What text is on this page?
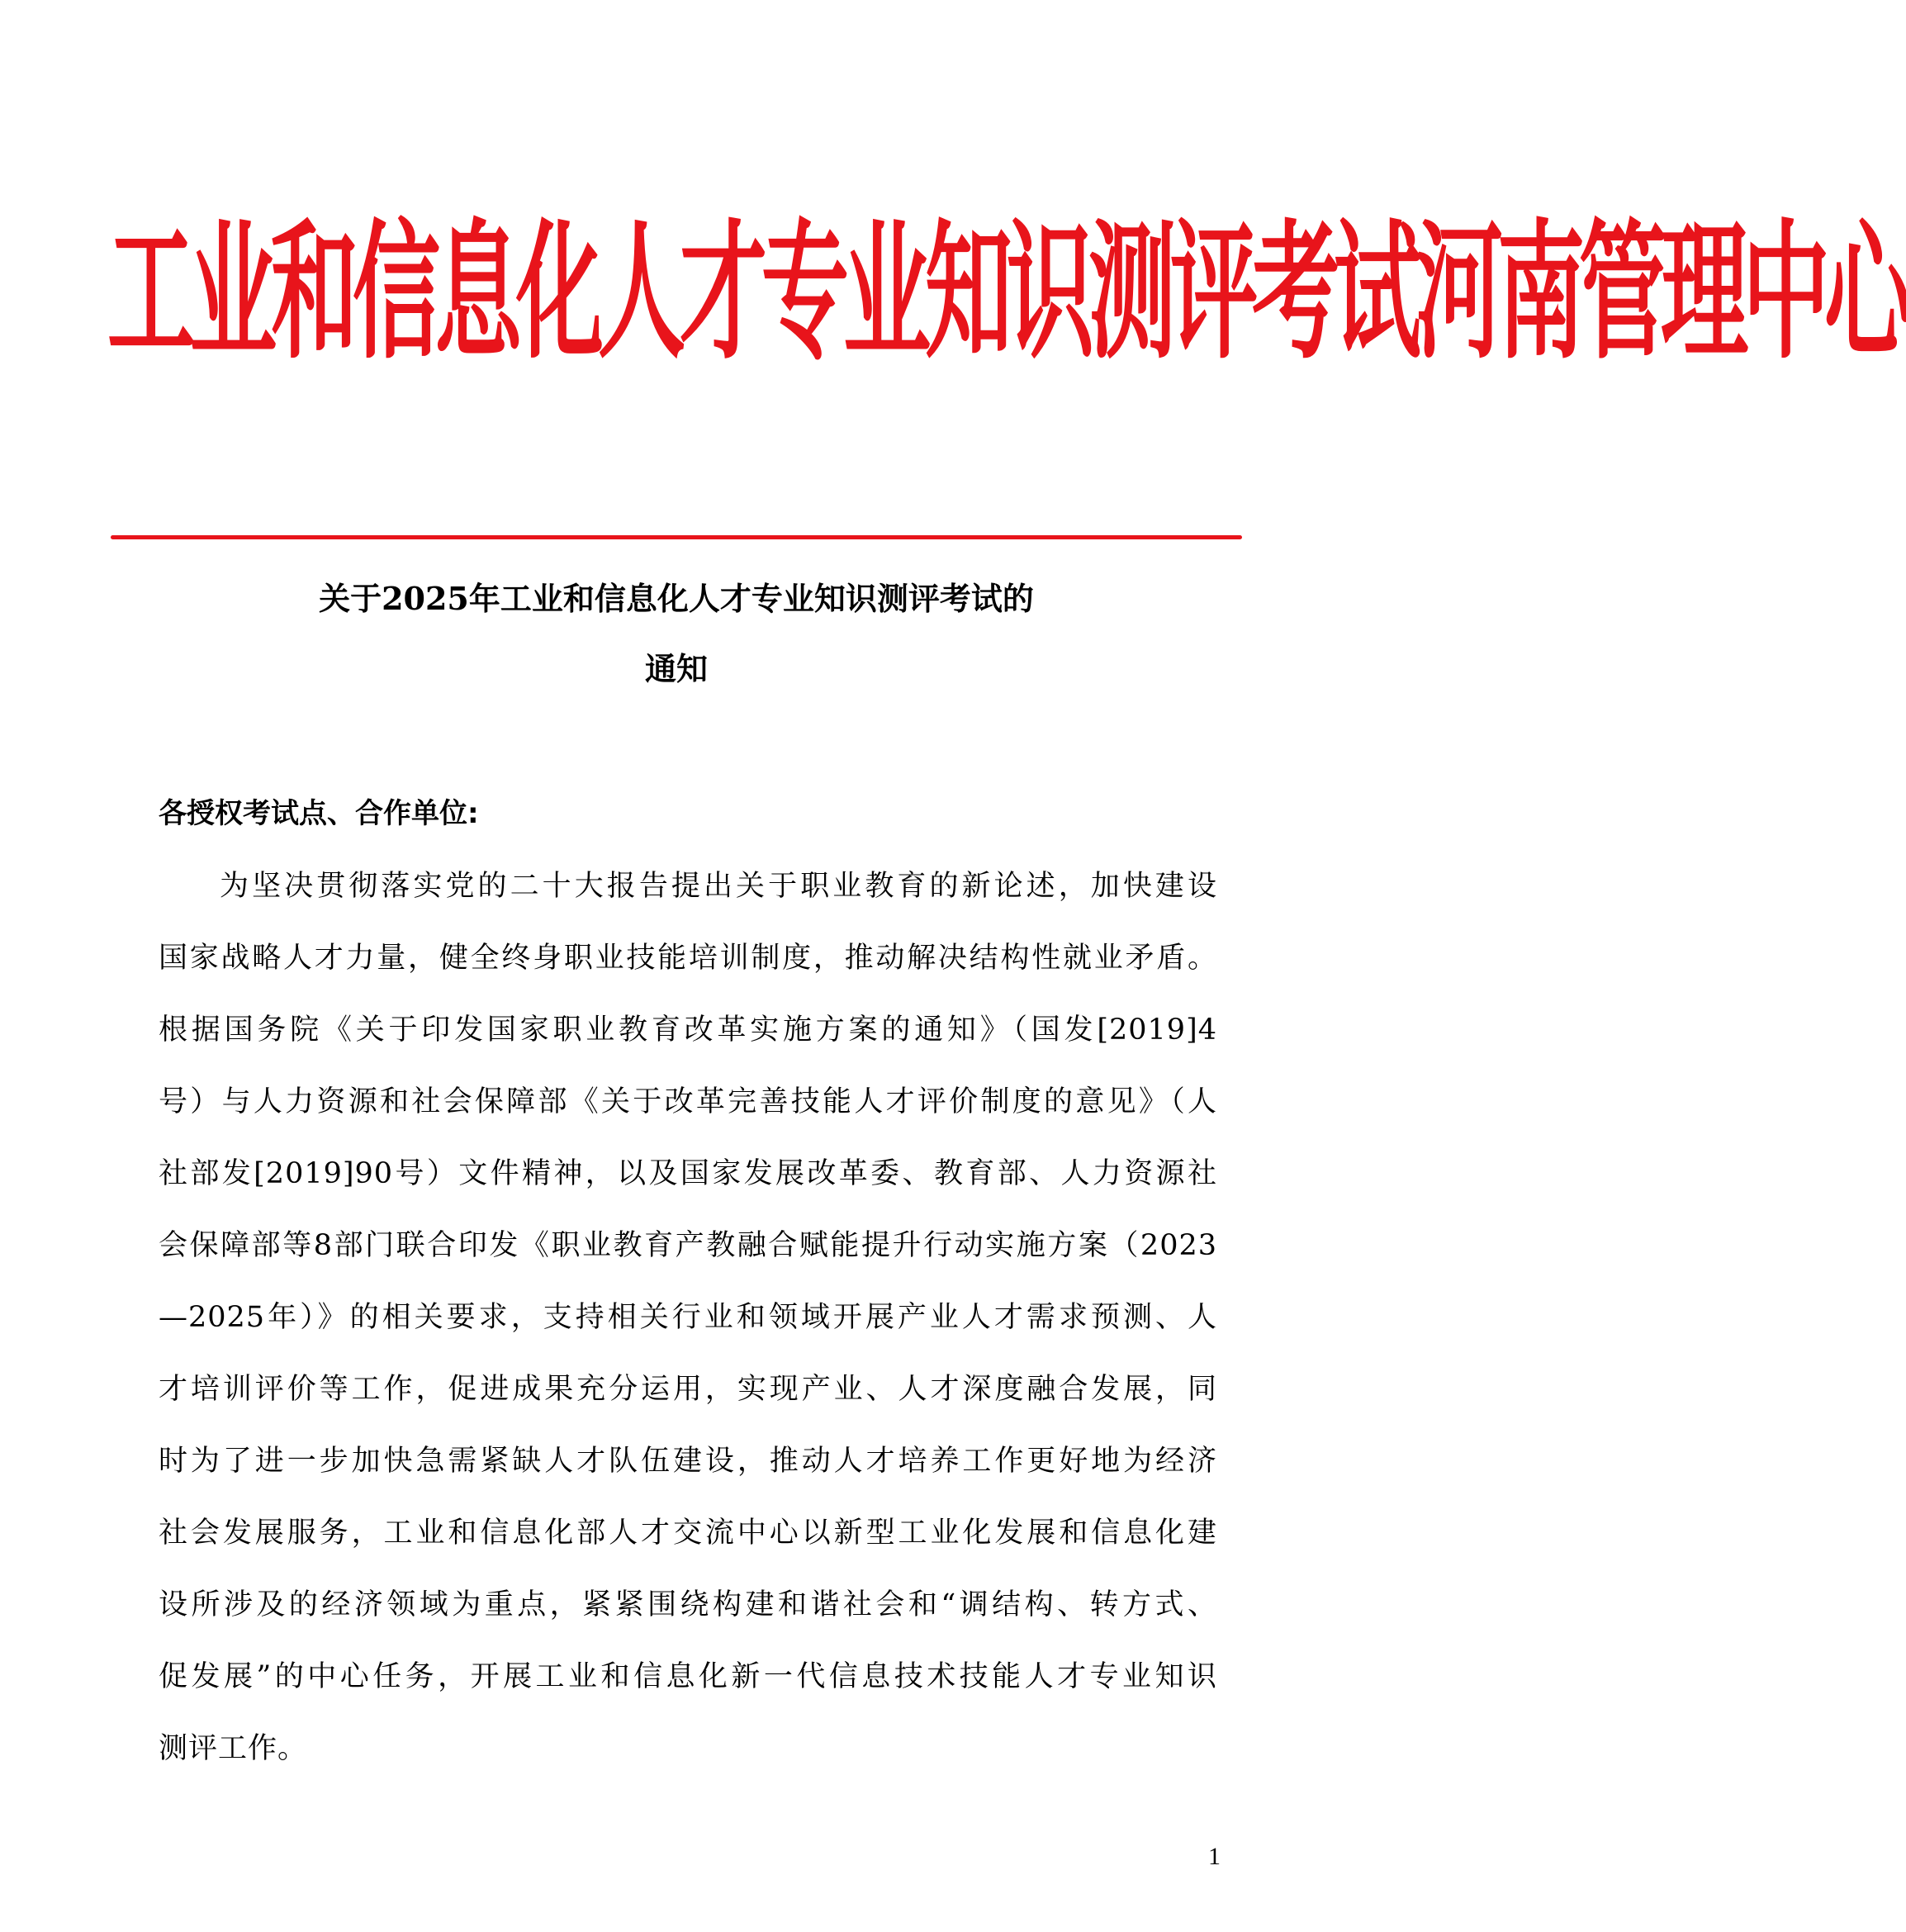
工业和信息化人才专业知识测评考试河南管理中心
关于2025年工业和信息化人才专业知识测评考试的
通知
各授权考试点、合作单位:
为坚决贯彻落实党的二十大报告提出关于职业教育的新论述，加快建设
国家战略人才力量，健全终身职业技能培训制度，推动解决结构性就业矛盾。
根据国务院《关于印发国家职业教育改革实施方案的通知》（国发[2019]4
号）与人力资源和社会保障部《关于改革完善技能人才评价制度的意见》（人
社部发[2019]90号）文件精神，以及国家发展改革委、教育部、人力资源社
会保障部等8部门联合印发《职业教育产教融合赋能提升行动实施方案（2023
—2025年）》的相关要求，支持相关行业和领域开展产业人才需求预测、人
才培训评价等工作，促进成果充分运用，实现产业、人才深度融合发展，同
时为了进一步加快急需紧缺人才队伍建设，推动人才培养工作更好地为经济
社会发展服务，工业和信息化部人才交流中心以新型工业化发展和信息化建
设所涉及的经济领域为重点，紧紧围绕构建和谐社会和“调结构、转方式、
促发展”的中心任务，开展工业和信息化新一代信息技术技能人才专业知识
测评工作。
1
